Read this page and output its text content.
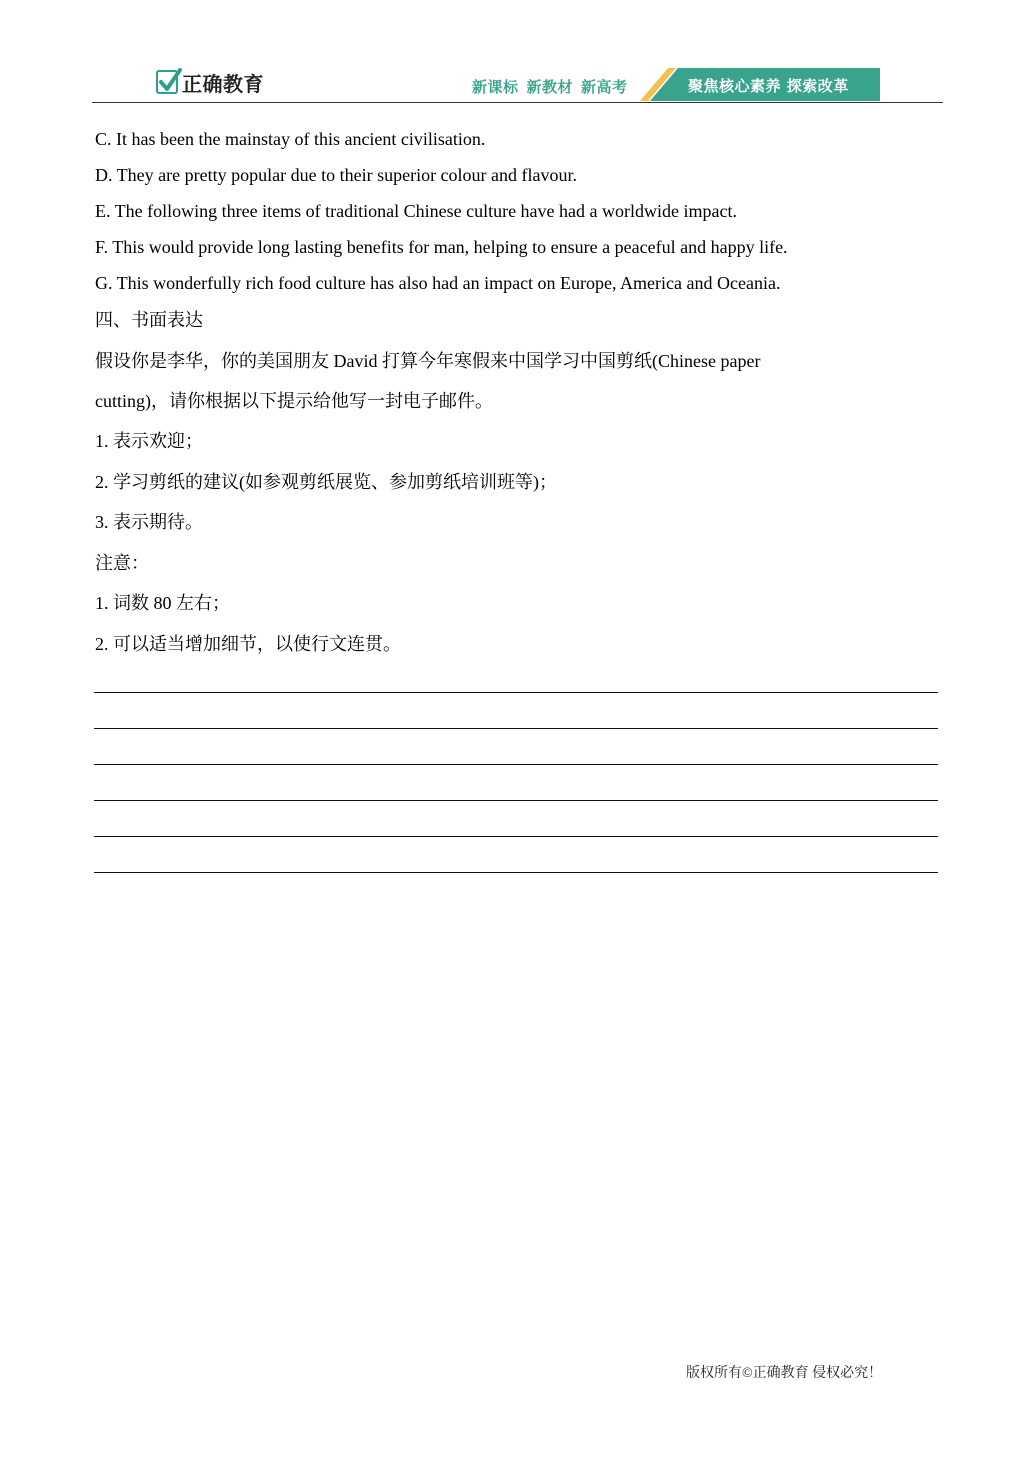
正确教育	新课标 新教材 新高考	聚焦核心素养 探索改革
C. It has been the mainstay of this ancient civilisation.
D. They are pretty popular due to their superior colour and flavour.
E. The following three items of traditional Chinese culture have had a worldwide impact.
F. This would provide long lasting benefits for man, helping to ensure a peaceful and happy life.
G. This wonderfully rich food culture has also had an impact on Europe, America and Oceania.
四、书面表达
假设你是李华，你的美国朋友 David 打算今年寒假来中国学习中国剪纸(Chinese paper
cutting)，请你根据以下提示给他写一封电子邮件。
1. 表示欢迎；
2. 学习剪纸的建议(如参观剪纸展览、参加剪纸培训班等)；
3. 表示期待。
注意：
1. 词数 80 左右；
2. 可以适当增加细节，以使行文连贯。
版权所有©正确教育 侵权必究！
